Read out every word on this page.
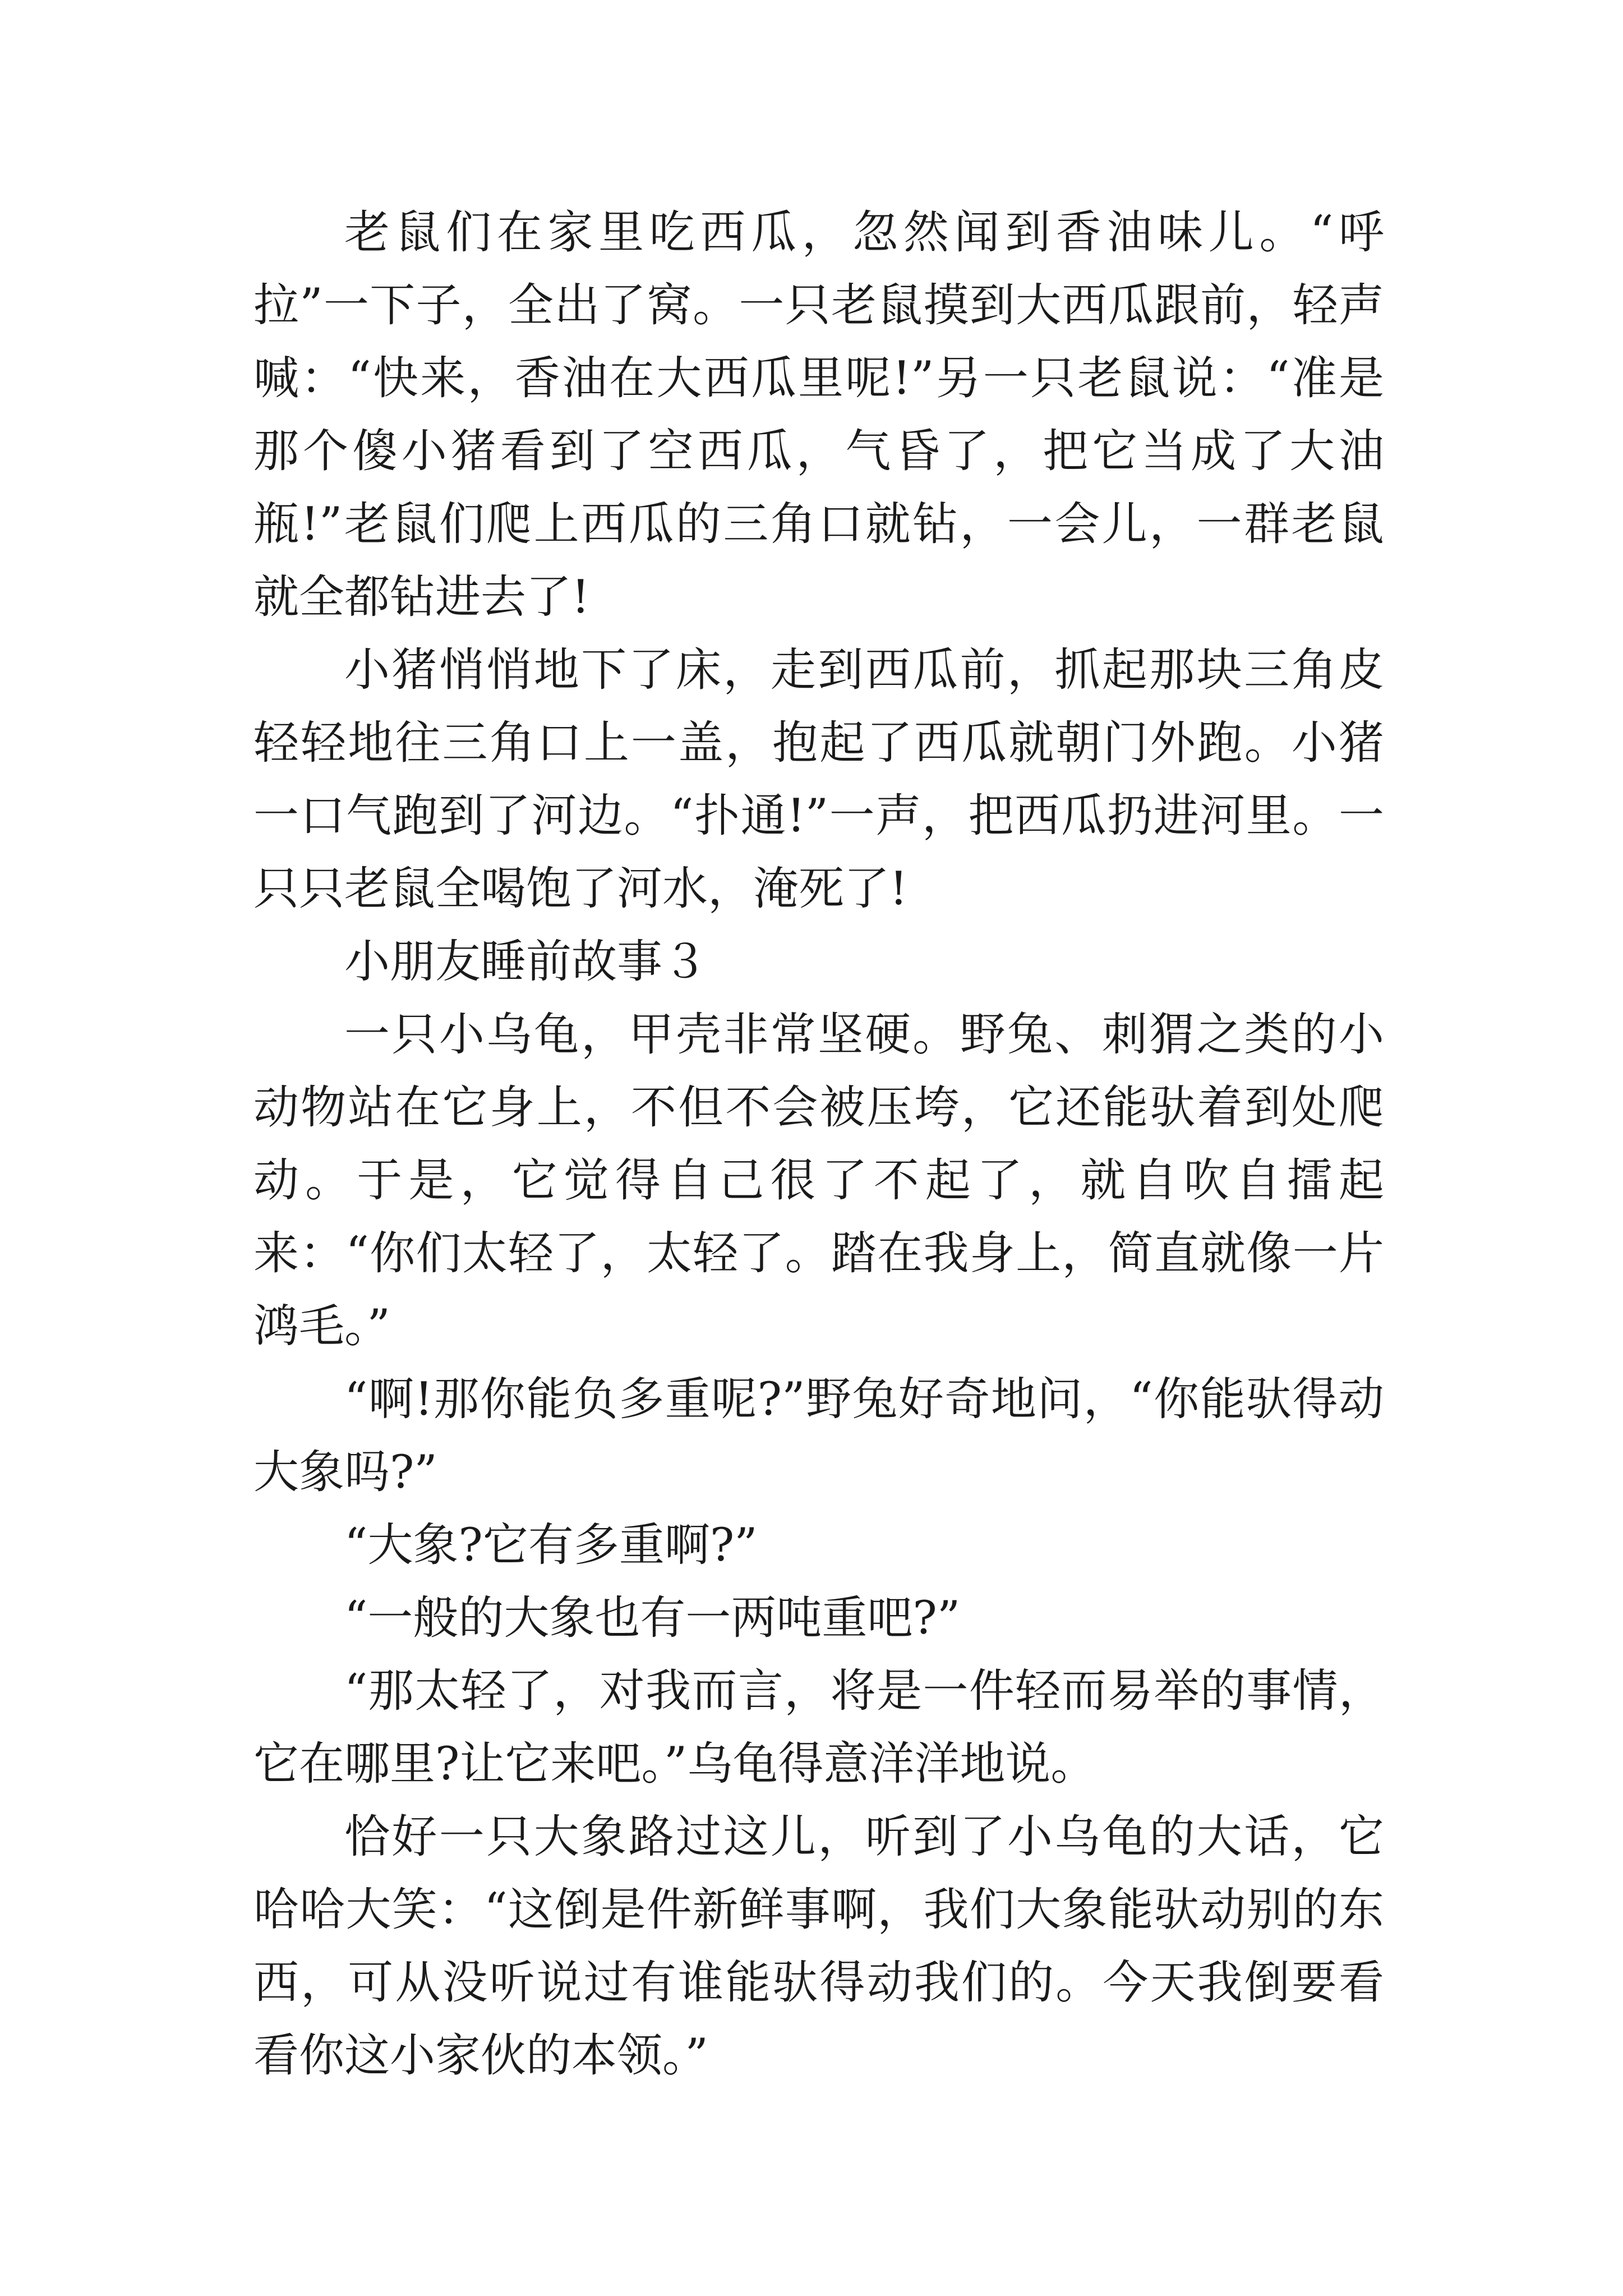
老鼠们在家里吃西瓜，忽然闻到香油味儿。“呼拉”一下子，全出了窝。一只老鼠摸到大西瓜跟前，轻声喊：“快来，香油在大西瓜里呢!”另一只老鼠说：“准是那个傻小猪看到了空西瓜，气昏了，把它当成了大油瓶!”老鼠们爬上西瓜的三角口就钻，一会儿，一群老鼠就全都钻进去了!

小猪悄悄地下了床，走到西瓜前，抓起那块三角皮轻轻地往三角口上一盖，抱起了西瓜就朝门外跑。小猪一口气跑到了河边。“扑通!”一声，把西瓜扔进河里。一只只老鼠全喝饱了河水，淹死了!

小朋友睡前故事３

一只小乌龟，甲壳非常坚硬。野兔、刺猬之类的小动物站在它身上，不但不会被压垮，它还能驮着到处爬动。于是，它觉得自己很了不起了，就自吹自擂起来：“你们太轻了，太轻了。踏在我身上，简直就像一片鸿毛。”

“啊!那你能负多重呢?”野兔好奇地问，“你能驮得动大象吗?”

“大象?它有多重啊?”

“一般的大象也有一两吨重吧?”

“那太轻了，对我而言，将是一件轻而易举的事情，它在哪里?让它来吧。”乌龟得意洋洋地说。

恰好一只大象路过这儿，听到了小乌龟的大话，它哈哈大笑：“这倒是件新鲜事啊，我们大象能驮动别的东西，可从没听说过有谁能驮得动我们的。今天我倒要看看你这小家伙的本领。”
